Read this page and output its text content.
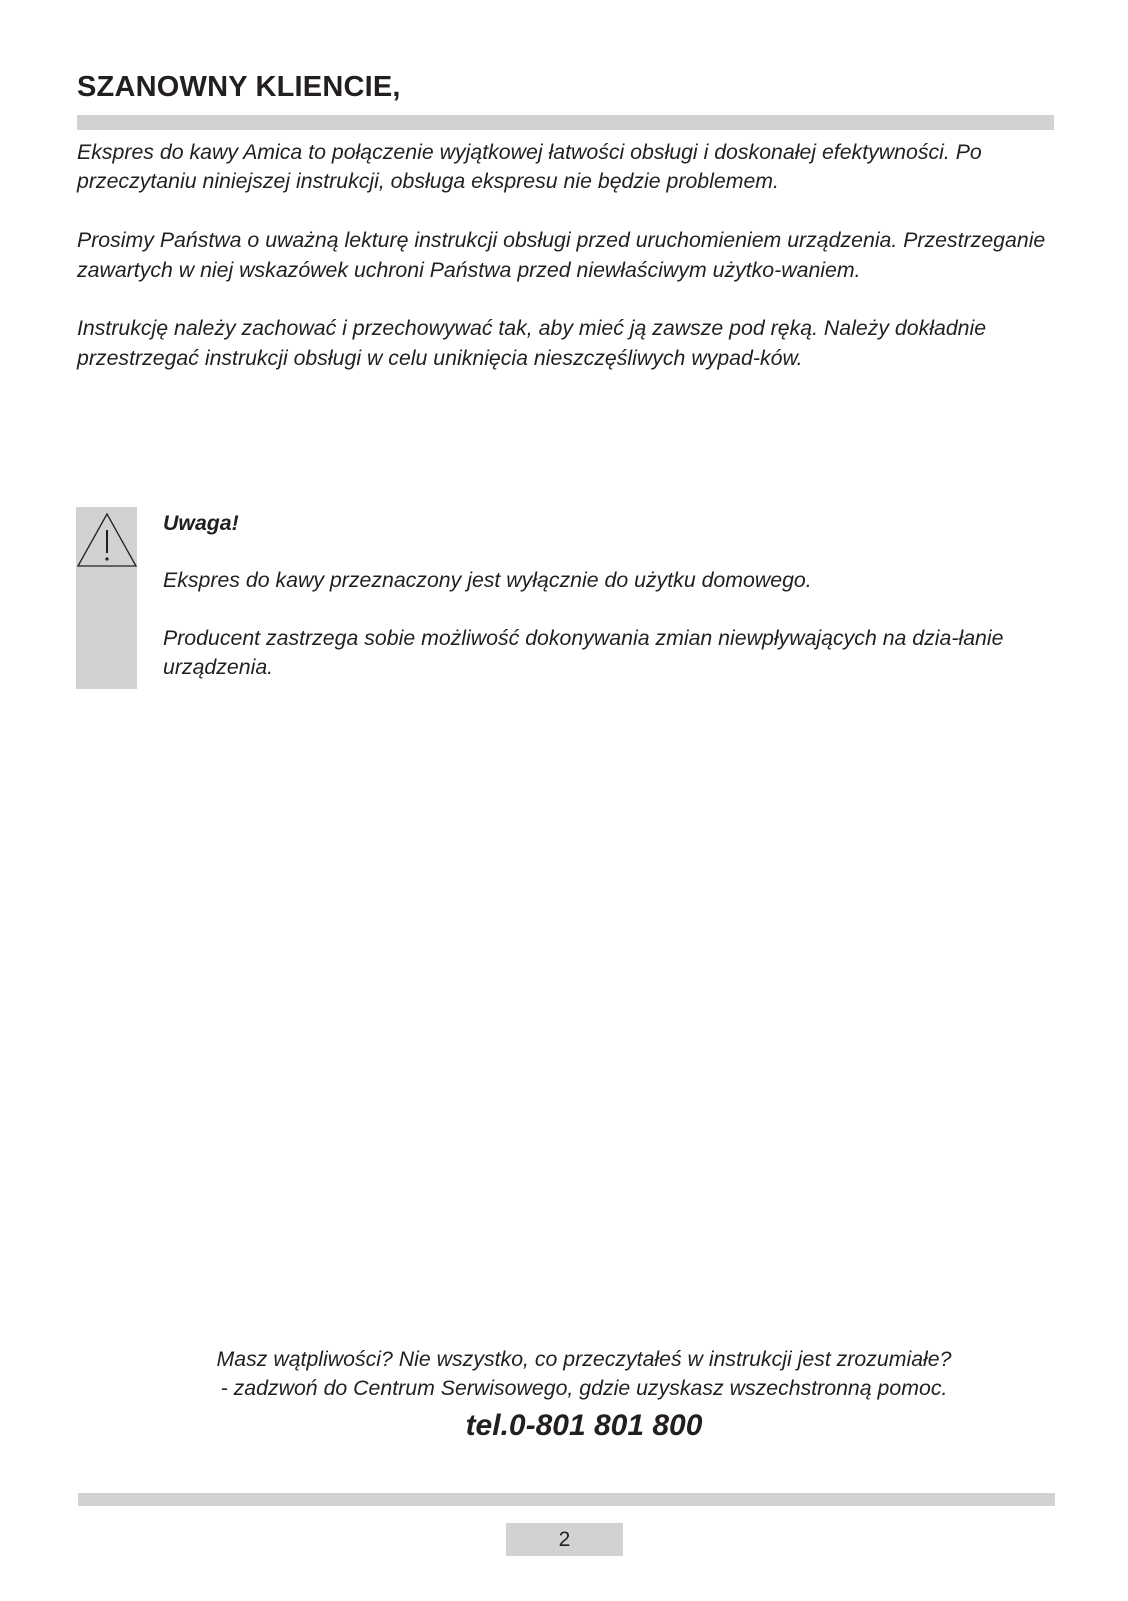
SZANOWNY KLIENCIE,

Ekspres do kawy Amica to połączenie wyjątkowej łatwości obsługi i doskonałej efektywności. Po przeczytaniu niniejszej instrukcji, obsługa ekspresu nie będzie problemem.

Prosimy Państwa o uważną lekturę instrukcji obsługi przed uruchomieniem urządzenia. Przestrzeganie zawartych w niej wskazówek uchroni Państwa przed niewłaściwym użytko-waniem.

Instrukcję należy zachować i przechowywać tak, aby mieć ją zawsze pod ręką. Należy dokładnie przestrzegać instrukcji obsługi w celu uniknięcia nieszczęśliwych wypad-ków.

Uwaga!

Ekspres do kawy przeznaczony jest wyłącznie do użytku domowego.

Producent zastrzega sobie możliwość dokonywania zmian niewpływających na dzia-łanie urządzenia.

Masz wątpliwości? Nie wszystko, co przeczytałeś w instrukcji jest zrozumiałe?

- zadzwoń do Centrum Serwisowego, gdzie uzyskasz wszechstronną pomoc.

tel.0-801 801 800

2
